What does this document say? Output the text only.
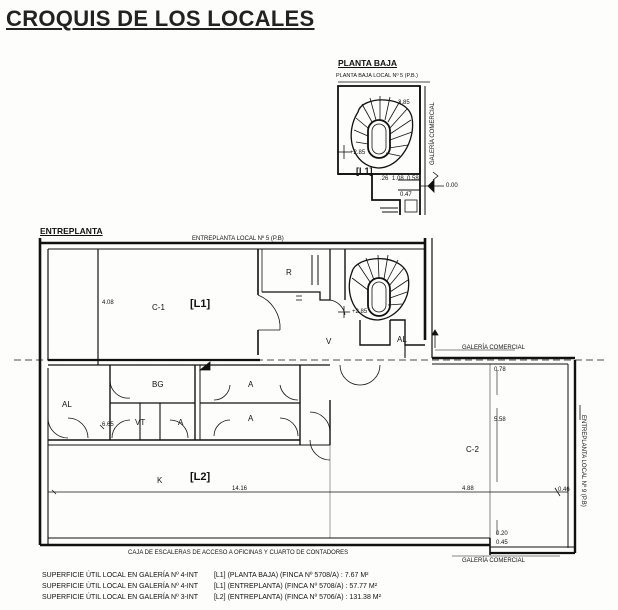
CROQUIS DE LOS LOCALES
PLANTA BAJA
PLANTA BAJA LOCAL Nº 5 (P.B.)
[L1]
GALERÍA COMERCIAL
3.85
+2.85
.26 1.08 0.58
0.47
0.00
ENTREPLANTA
ENTREPLANTA LOCAL Nº 5 (P.B)
C-1 [L1]
R
V	AL
BG	A
A
AL
VT	A
K	[L2]
C-2
4.08
+2.85
6.65
14.16	4.88	0.46
0.78
5.58
0.20
0.45
GALERÍA COMERCIAL
GALERÍA COMERCIAL
ENTREPLANTA LOCAL Nº 9 (P.B)
CAJA DE ESCALERAS DE ACCESO A OFICINAS Y CUARTO DE CONTADORES
SUPERFICIE ÚTIL LOCAL EN GALERÍA Nº 4-INT [L1] (PLANTA BAJA) (FINCA Nº 5708/A) : 7.67 M²
SUPERFICIE ÚTIL LOCAL EN GALERÍA Nº 4-INT [L1] (ENTREPLANTA) (FINCA Nº 5708/A) : 57.77 M²
SUPERFICIE ÚTIL LOCAL EN GALERÍA Nº 3-INT [L2] (ENTREPLANTA) (FINCA Nº 5706/A) : 131.38 M²
